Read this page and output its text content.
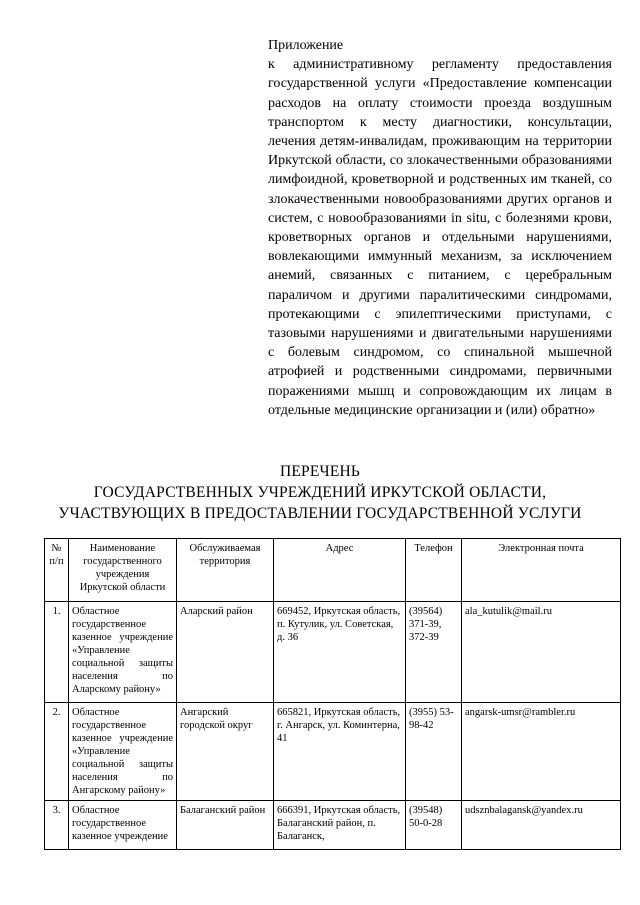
Приложение
к административному регламенту предоставления государственной услуги «Предоставление компенсации расходов на оплату стоимости проезда воздушным транспортом к месту диагностики, консультации, лечения детям-инвалидам, проживающим на территории Иркутской области, со злокачественными образованиями лимфоидной, кроветворной и родственных им тканей, со злокачественными новообразованиями других органов и систем, с новообразованиями in situ, с болезнями крови, кроветворных органов и отдельными нарушениями, вовлекающими иммунный механизм, за исключением анемий, связанных с питанием, с церебральным параличом и другими паралитическими синдромами, протекающими с эпилептическими приступами, с тазовыми нарушениями и двигательными нарушениями с болевым синдромом, со спинальной мышечной атрофией и родственными синдромами, первичными поражениями мышц и сопровождающим их лицам в отдельные медицинские организации и (или) обратно»
ПЕРЕЧЕНЬ
ГОСУДАРСТВЕННЫХ УЧРЕЖДЕНИЙ ИРКУТСКОЙ ОБЛАСТИ,
УЧАСТВУЮЩИХ В ПРЕДОСТАВЛЕНИИ ГОСУДАРСТВЕННОЙ УСЛУГИ
№ п/п	Наименование государственного учреждения Иркутской области	Обслуживаемая территория	Адрес	Телефон	Электронная почта
1.	Областное государственное казенное учреждение «Управление социальной защиты населения по Аларскому району»	Аларский район	669452, Иркутская область, п. Кутулик, ул. Советская, д. 36	(39564) 371-39, 372-39	ala_kutulik@mail.ru
2.	Областное государственное казенное учреждение «Управление социальной защиты населения по Ангарскому району»	Ангарский городской округ	665821, Иркутская область, г. Ангарск, ул. Коминтерна, 41	(3955) 53-98-42	angarsk-umsr@rambler.ru
3.	Областное государственное казенное учреждение	Балаганский район	666391, Иркутская область, Балаганский район, п. Балаганск,	(39548) 50-0-28	udsznbalagansk@yandex.ru
